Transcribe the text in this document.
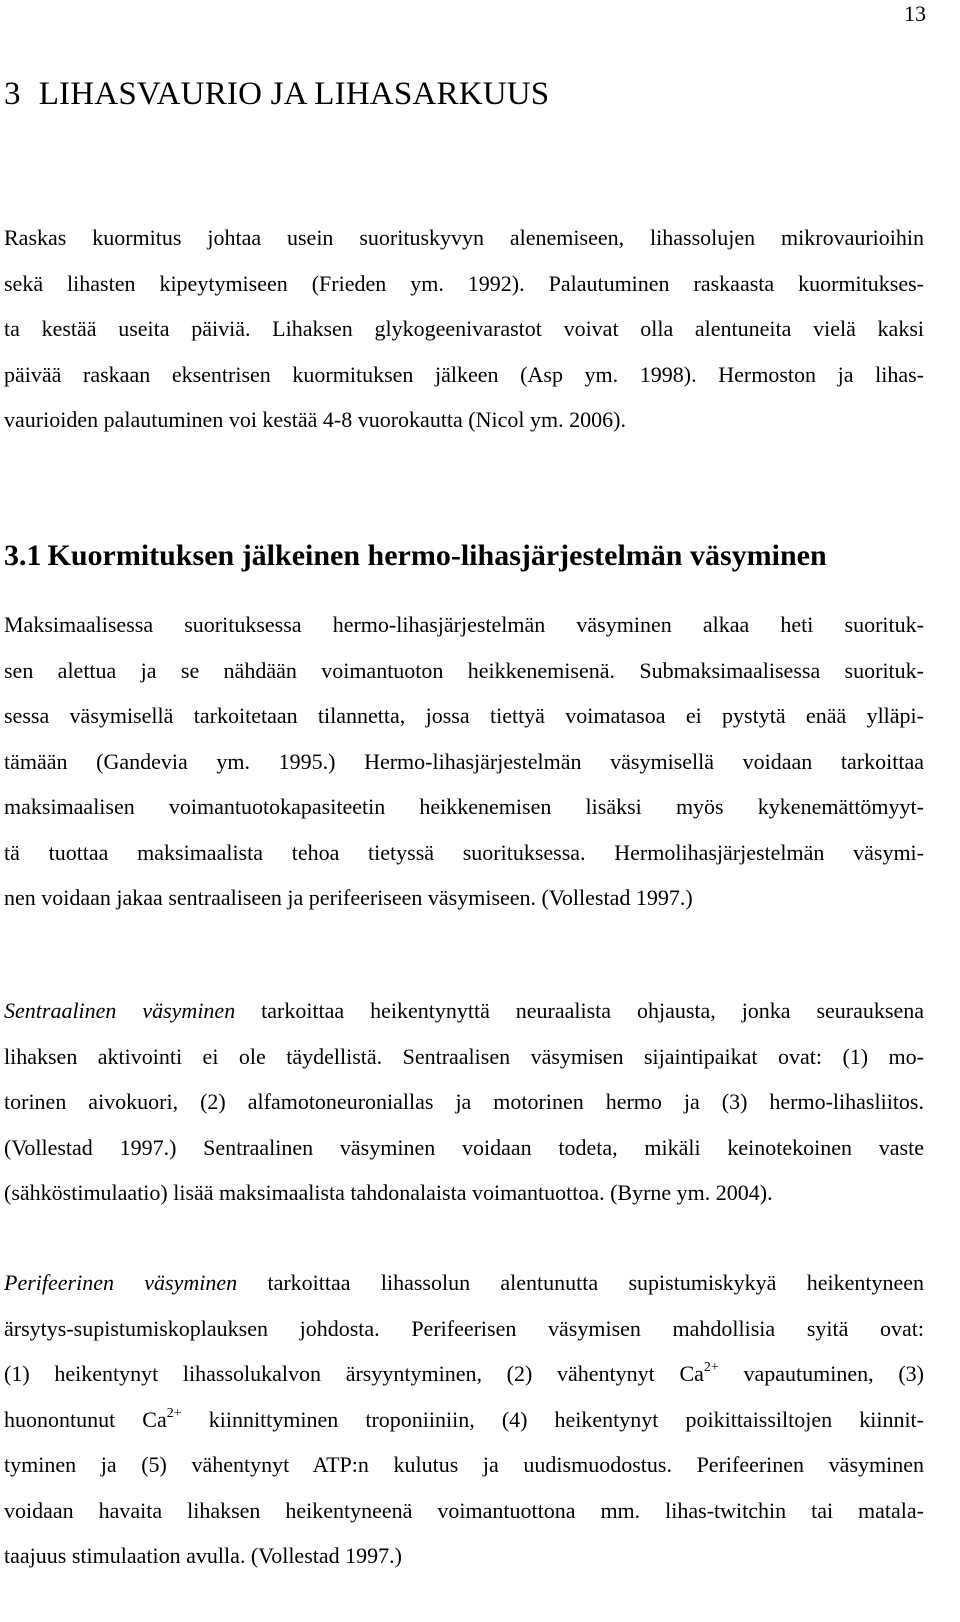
13
3 LIHASVAURIO JA LIHASARKUUS

Raskas kuormitus johtaa usein suorituskyvyn alenemiseen, lihassolujen mikrovaurioihin
sekä lihasten kipeytymiseen (Frieden ym. 1992). Palautuminen raskaasta kuormitukses-
ta kestää useita päiviä. Lihaksen glykogeenivarastot voivat olla alentuneita vielä kaksi
päivää raskaan eksentrisen kuormituksen jälkeen (Asp ym. 1998). Hermoston ja lihas-
vaurioiden palautuminen voi kestää 4-8 vuorokautta (Nicol ym. 2006).

3.1 Kuormituksen jälkeinen hermo-lihasjärjestelmän väsyminen

Maksimaalisessa suorituksessa hermo-lihasjärjestelmän väsyminen alkaa heti suorituk-
sen alettua ja se nähdään voimantuoton heikkenemisenä. Submaksimaalisessa suorituk-
sessa väsymisellä tarkoitetaan tilannetta, jossa tiettyä voimatasoa ei pystytä enää ylläpi-
tämään (Gandevia ym. 1995.) Hermo-lihasjärjestelmän väsymisellä voidaan tarkoittaa
maksimaalisen voimantuotokapasiteetin heikkenemisen lisäksi myös kykenemättömyyt-
tä tuottaa maksimaalista tehoa tietyssä suorituksessa. Hermolihasjärjestelmän väsymi-
nen voidaan jakaa sentraaliseen ja perifeeriseen väsymiseen. (Vollestad 1997.)

Sentraalinen väsyminen tarkoittaa heikentynyttä neuraalista ohjausta, jonka seurauksena
lihaksen aktivointi ei ole täydellistä. Sentraalisen väsymisen sijaintipaikat ovat: (1) mo-
torinen aivokuori, (2) alfamotoneuroniallas ja motorinen hermo ja (3) hermo-lihasliitos.
(Vollestad 1997.) Sentraalinen väsyminen voidaan todeta, mikäli keinotekoinen vaste
(sähköstimulaatio) lisää maksimaalista tahdonalaista voimantuottoa. (Byrne ym. 2004).

Perifeerinen väsyminen tarkoittaa lihassolun alentunutta supistumiskykyä heikentyneen
ärsytys-supistumiskoplauksen johdosta. Perifeerisen väsymisen mahdollisia syitä ovat:
(1) heikentynyt lihassolukalvon ärsyyntyminen, (2) vähentynyt $Ca^{2+}$ vapautuminen, (3)
huonontunut $Ca^{2+}$ kiinnittyminen troponiiniin, (4) heikentynyt poikittaissiltojen kiinnit-
tyminen ja (5) vähentynyt ATP:n kulutus ja uudismuodostus. Perifeerinen väsyminen
voidaan havaita lihaksen heikentyneenä voimantuottona mm. lihas-twitchin tai matala-
taajuus stimulaation avulla. (Vollestad 1997.)
